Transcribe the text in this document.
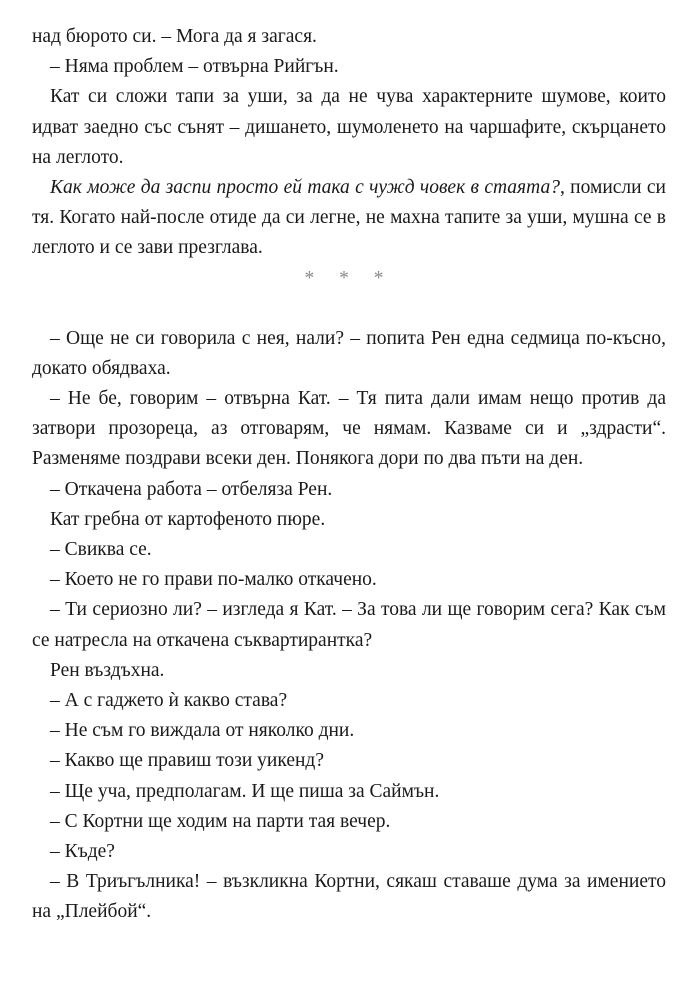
над бюрото си. – Мога да я загася.

– Няма проблем – отвърна Рийгън.

Кат си сложи тапи за уши, за да не чува характерните шумове, които идват заедно със сънят – дишането, шумоленето на чаршафите, скърцането на леглото.

Как може да заспи просто ей така с чужд човек в стаята?, помисли си тя. Когато най-после отиде да си легне, не махна тапите за уши, мушна се в леглото и се зави презглава.

* * *

– Още не си говорила с нея, нали? – попита Рен една седмица по-късно, докато обядваха.

– Не бе, говорим – отвърна Кат. – Тя пита дали имам нещо против да затвори прозореца, аз отговарям, че нямам. Казваме си и „здрасти“. Разменяме поздрави всеки ден. Понякога дори по два пъти на ден.

– Откачена работа – отбеляза Рен.

Кат гребна от картофеното пюре.

– Свиква се.

– Което не го прави по-малко откачено.

– Ти сериозно ли? – изгледа я Кат. – За това ли ще говорим сега? Как съм се натресла на откачена съквартирантка?

Рен въздъхна.

– А с гаджето ѝ какво става?

– Не съм го виждала от няколко дни.

– Какво ще правиш този уикенд?

– Ще уча, предполагам. И ще пиша за Саймън.

– С Кортни ще ходим на парти тая вечер.

– Къде?

– В Триъгълника! – възкликна Кортни, сякаш ставаше дума за имението на „Плейбой“.
